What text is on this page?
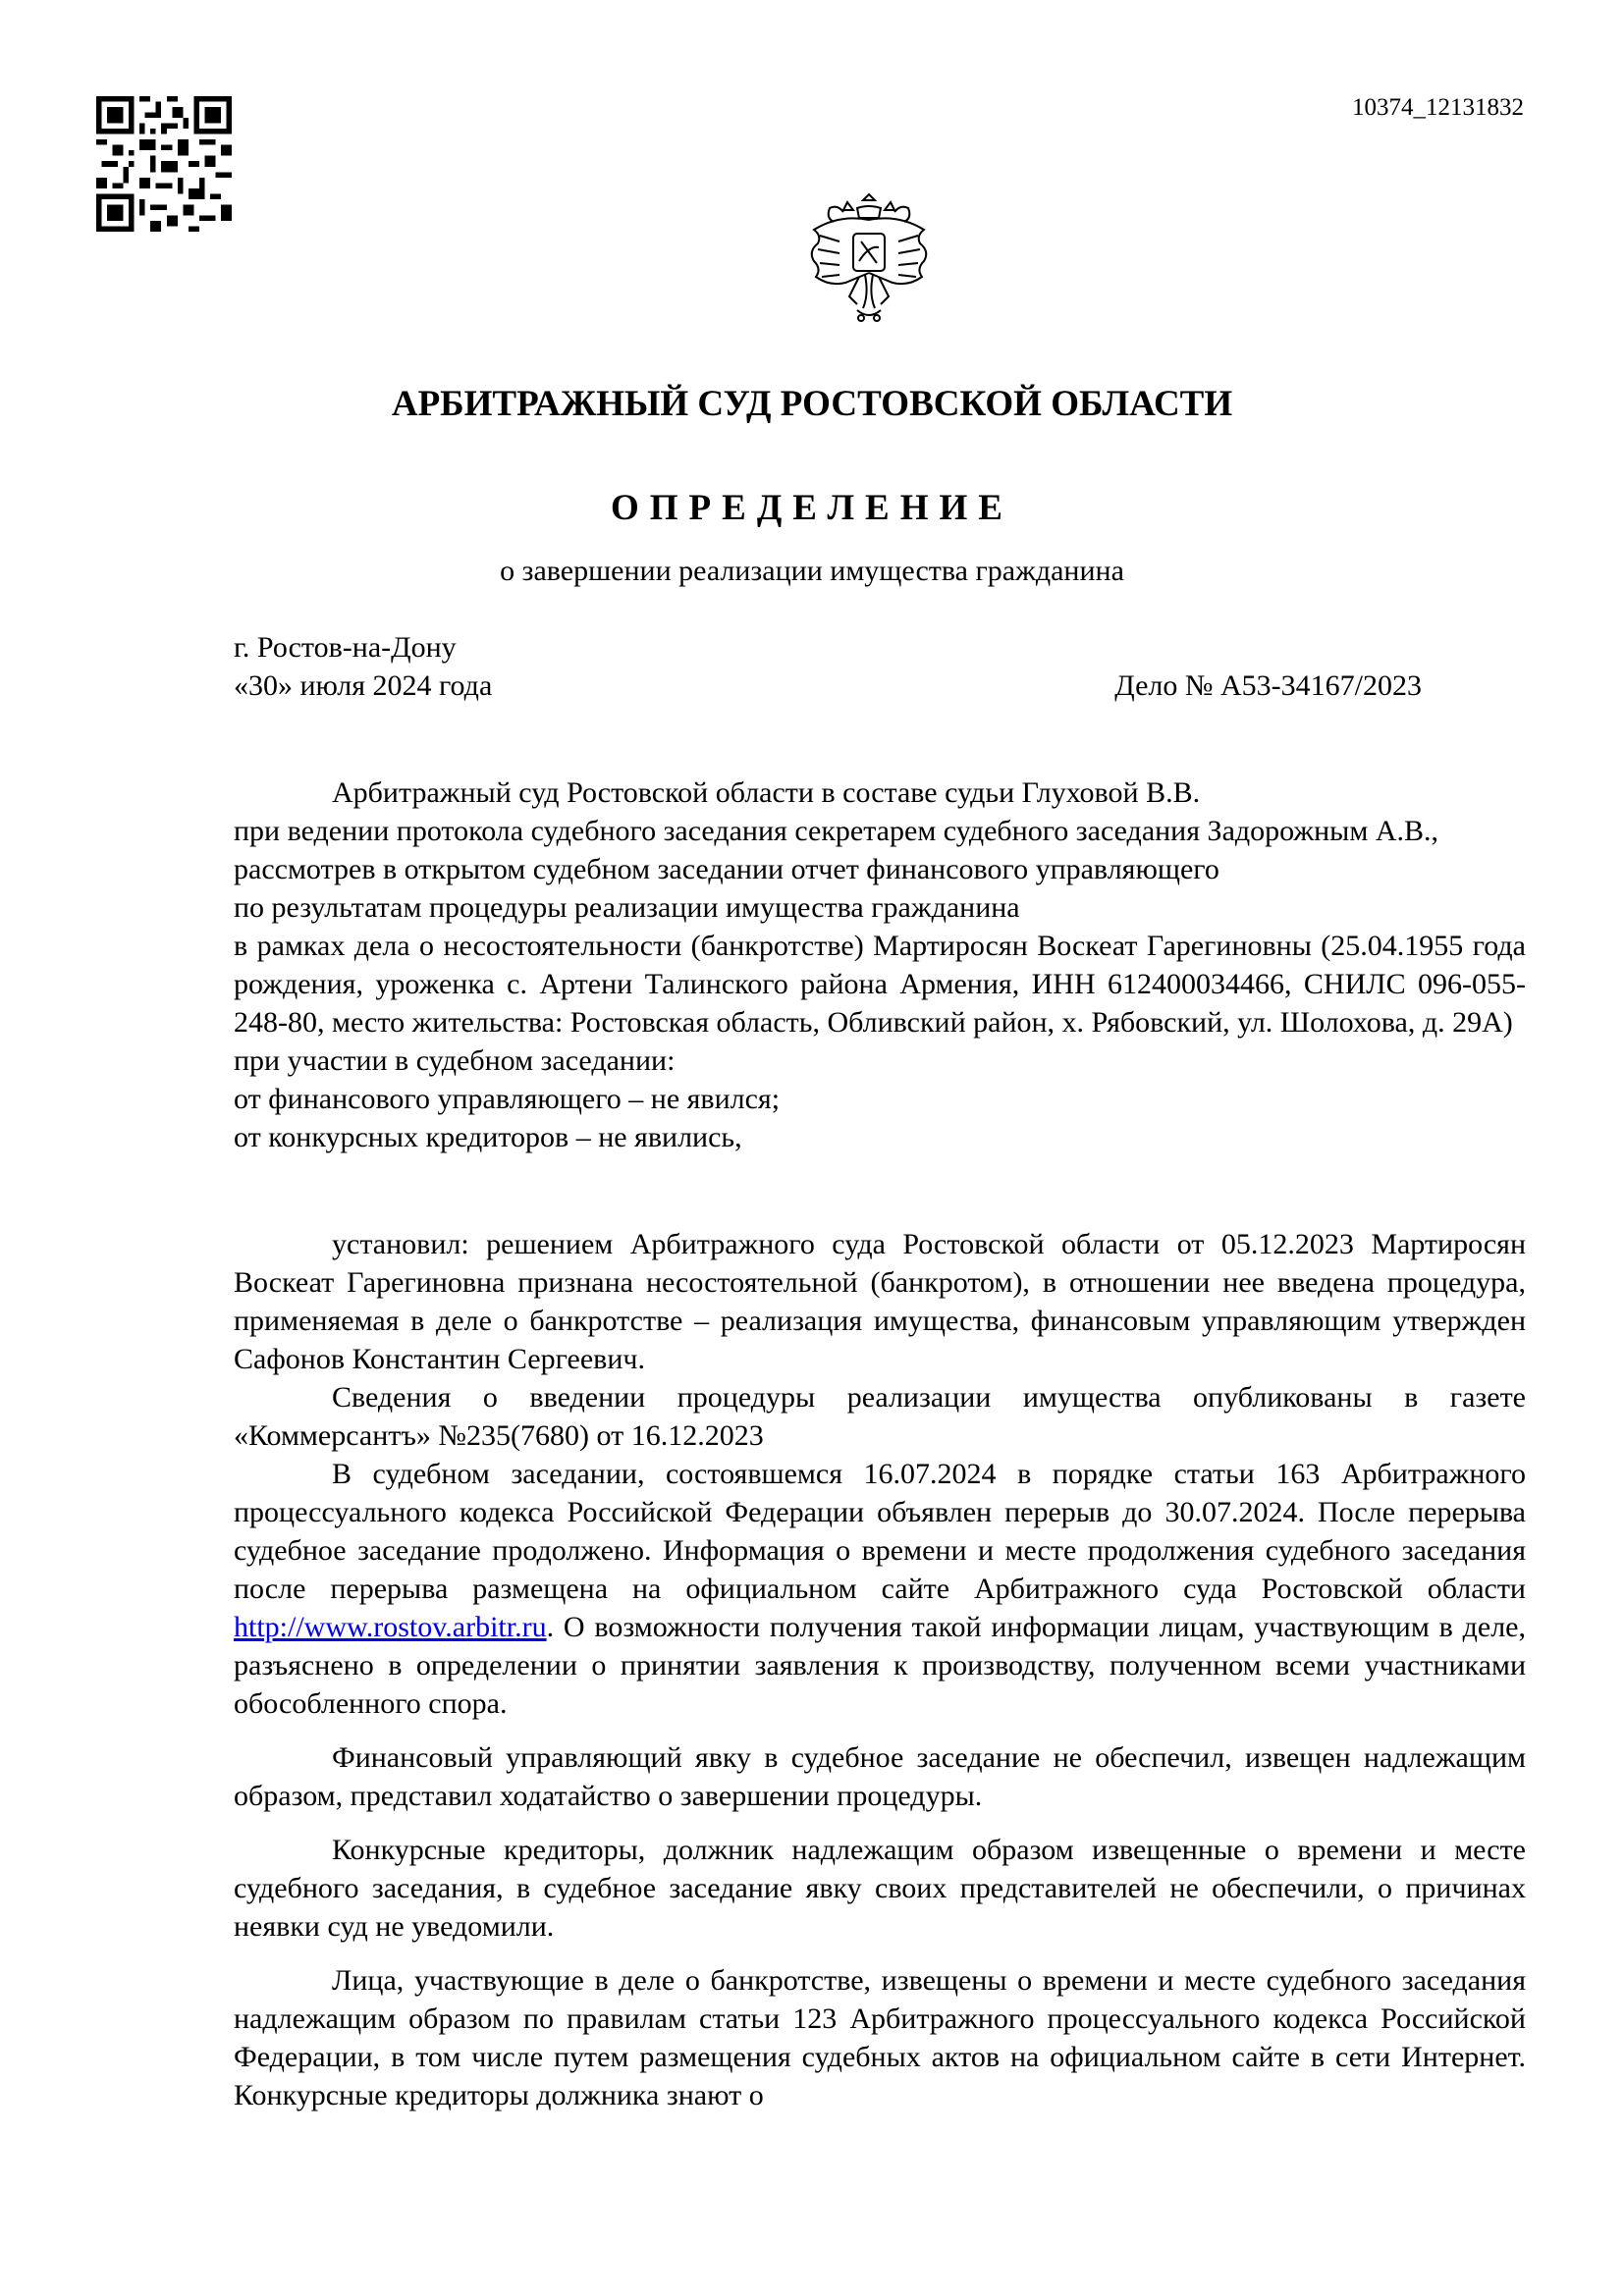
10374_12131832
АРБИТРАЖНЫЙ СУД РОСТОВСКОЙ ОБЛАСТИ
ОПРЕДЕЛЕНИЕ
о завершении реализации имущества гражданина
г. Ростов-на-Дону
«30» июля 2024 года	Дело № А53-34167/2023
Арбитражный суд Ростовской области в составе судьи Глуховой В.В.
при ведении протокола судебного заседания секретарем судебного заседания Задорожным А.В.,
рассмотрев в открытом судебном заседании отчет финансового управляющего
по результатам процедуры реализации имущества гражданина
в рамках дела о несостоятельности (банкротстве) Мартиросян Воскеат Гарегиновны (25.04.1955 года рождения, уроженка с. Артени Талинского района Армения, ИНН 612400034466, СНИЛС 096-055-248-80, место жительства: Ростовская область, Обливский район, х. Рябовский, ул. Шолохова, д. 29А)
при участии в судебном заседании:
от финансового управляющего – не явился;
от конкурсных кредиторов – не явились,
установил: решением Арбитражного суда Ростовской области от 05.12.2023 Мартиросян Воскеат Гарегиновна признана несостоятельной (банкротом), в отношении нее введена процедура, применяемая в деле о банкротстве – реализация имущества, финансовым управляющим утвержден Сафонов Константин Сергеевич.
Сведения о введении процедуры реализации имущества опубликованы в газете «Коммерсантъ» №235(7680) от 16.12.2023
В судебном заседании, состоявшемся 16.07.2024 в порядке статьи 163 Арбитражного процессуального кодекса Российской Федерации объявлен перерыв до 30.07.2024. После перерыва судебное заседание продолжено. Информация о времени и месте продолжения судебного заседания после перерыва размещена на официальном сайте Арбитражного суда Ростовской области http://www.rostov.arbitr.ru. О возможности получения такой информации лицам, участвующим в деле, разъяснено в определении о принятии заявления к производству, полученном всеми участниками обособленного спора.
Финансовый управляющий явку в судебное заседание не обеспечил, извещен надлежащим образом, представил ходатайство о завершении процедуры.
Конкурсные кредиторы, должник надлежащим образом извещенные о времени и месте судебного заседания, в судебное заседание явку своих представителей не обеспечили, о причинах неявки суд не уведомили.
Лица, участвующие в деле о банкротстве, извещены о времени и месте судебного заседания надлежащим образом по правилам статьи 123 Арбитражного процессуального кодекса Российской Федерации, в том числе путем размещения судебных актов на официальном сайте в сети Интернет. Конкурсные кредиторы должника знают о
